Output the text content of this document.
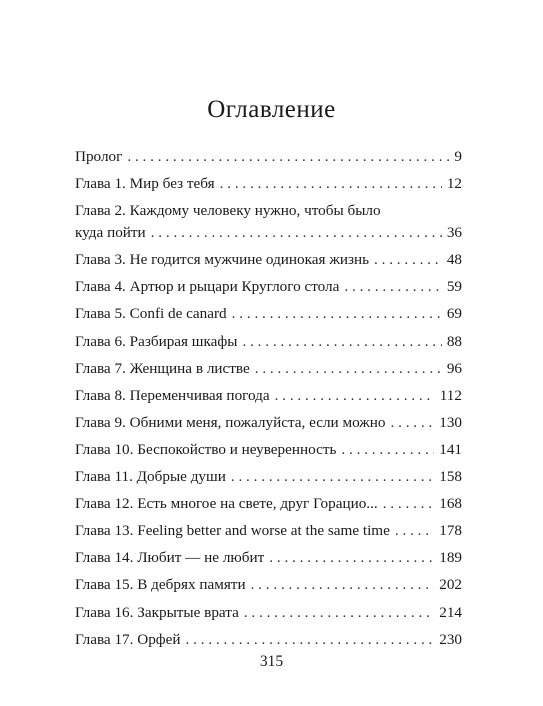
Оглавление
Пролог . . .	9
Глава 1. Мир без тебя . . .	12
Глава 2. Каждому человеку нужно, чтобы было
куда пойти . . .	36
Глава 3. Не годится мужчине одинокая жизнь . . .	48
Глава 4. Артюр и рыцари Круглого стола . . .	59
Глава 5. Confi de canard . . .	69
Глава 6. Разбирая шкафы . . .	88
Глава 7. Женщина в листве . . .	96
Глава 8. Переменчивая погода . . .	112
Глава 9. Обними меня, пожалуйста, если можно . . .	130
Глава 10. Беспокойство и неуверенность . . .	141
Глава 11. Добрые души . . .	158
Глава 12. Есть многое на свете, друг Горацио... . . .	168
Глава 13. Feeling better and worse at the same time . . .	178
Глава 14. Любит — не любит . . .	189
Глава 15. В дебрях памяти . . .	202
Глава 16. Закрытые врата . . .	214
Глава 17. Орфей . . .	230

315
